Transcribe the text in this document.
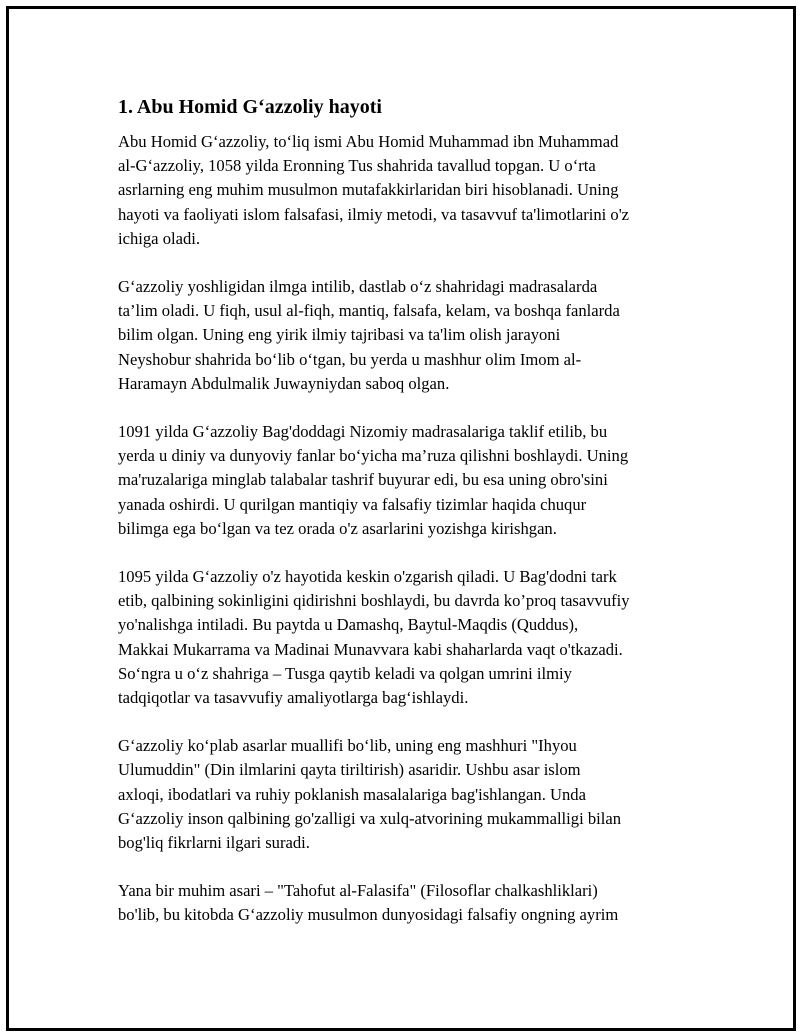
1. Abu Homid G‘azzoliy hayoti

Abu Homid G‘azzoliy, to‘liq ismi Abu Homid Muhammad ibn Muhammad
al-G‘azzoliy, 1058 yilda Eronning Tus shahrida tavallud topgan. U o‘rta
asrlarning eng muhim musulmon mutafakkirlaridan biri hisoblanadi. Uning
hayoti va faoliyati islom falsafasi, ilmiy metodi, va tasavvuf ta'limotlarini o'z
ichiga oladi.

G‘azzoliy yoshligidan ilmga intilib, dastlab o‘z shahridagi madrasalarda
ta’lim oladi. U fiqh, usul al-fiqh, mantiq, falsafa, kelam, va boshqa fanlarda
bilim olgan. Uning eng yirik ilmiy tajribasi va ta'lim olish jarayoni
Neyshobur shahrida bo‘lib o‘tgan, bu yerda u mashhur olim Imom al-
Haramayn Abdulmalik Juwayniydan saboq olgan.

1091 yilda G‘azzoliy Bag'doddagi Nizomiy madrasalariga taklif etilib, bu
yerda u diniy va dunyoviy fanlar bo‘yicha ma’ruza qilishni boshlaydi. Uning
ma'ruzalariga minglab talabalar tashrif buyurar edi, bu esa uning obro'sini
yanada oshirdi. U qurilgan mantiqiy va falsafiy tizimlar haqida chuqur
bilimga ega bo‘lgan va tez orada o'z asarlarini yozishga kirishgan.

1095 yilda G‘azzoliy o'z hayotida keskin o'zgarish qiladi. U Bag'dodni tark
etib, qalbining sokinligini qidirishni boshlaydi, bu davrda ko’proq tasavvufiy
yo'nalishga intiladi. Bu paytda u Damashq, Baytul-Maqdis (Quddus),
Makkai Mukarrama va Madinai Munavvara kabi shaharlarda vaqt o'tkazadi.
So‘ngra u o‘z shahriga – Tusga qaytib keladi va qolgan umrini ilmiy
tadqiqotlar va tasavvufiy amaliyotlarga bag‘ishlaydi.

G‘azzoliy ko‘plab asarlar muallifi bo‘lib, uning eng mashhuri "Ihyou
Ulumuddin" (Din ilmlarini qayta tiriltirish) asaridir. Ushbu asar islom
axloqi, ibodatlari va ruhiy poklanish masalalariga bag'ishlangan. Unda
G‘azzoliy inson qalbining go'zalligi va xulq-atvorining mukammalligi bilan
bog'liq fikrlarni ilgari suradi.

Yana bir muhim asari – "Tahofut al-Falasifa" (Filosoflar chalkashliklari)
bo'lib, bu kitobda G‘azzoliy musulmon dunyosidagi falsafiy ongning ayrim
